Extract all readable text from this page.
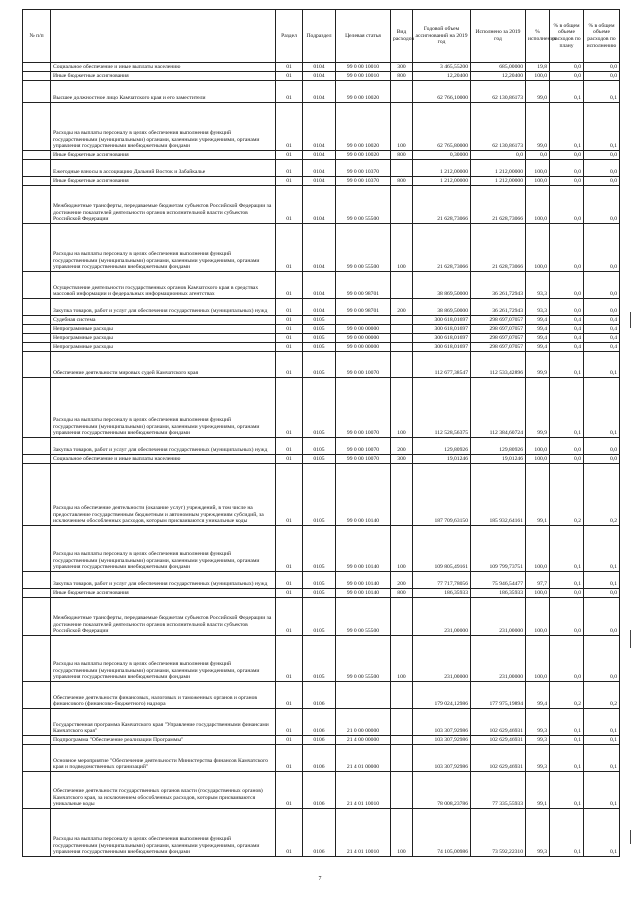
№ п/п		Раздел	Подраздел	Целевая статья	Вид расходов	Годовой объем ассигнований на 2019 год	Исполнено за 2019 год	% исполнения	% в общем объеме расходов по плану	% в общем объеме расходов по исполнению
	Социальное обеспечение и иные выплаты населению	01	0104	99 0 00 10010	300	3 465,55200	685,00000	19,8	0,0	0,0
	Иные бюджетные ассигнования	01	0104	99 0 00 10010	800	12,20400	12,20400	100,0	0,0	0,0
	Высшее должностное лицо Камчатского края и его заместители	01	0104	99 0 00 10020		62 766,10000	62 130,86173	99,0	0,1	0,1
	Расходы на выплаты персоналу в целях обеспечения выполнения функций государственными (муниципальными) органами, казенными учреждениями, органами управления государственными внебюджетными фондами	01	0104	99 0 00 10020	100	62 765,80000	62 130,86173	99,0	0,1	0,1
	Иные бюджетные ассигнования	01	0104	99 0 00 10020	800	0,30000	0,0	0,0	0,0	0,0
	Ежегодные взносы в ассоциацию Дальний Восток и Забайкалье	01	0104	99 0 00 10370		1 212,00000	1 212,00000	100,0	0,0	0,0
	Иные бюджетные ассигнования	01	0104	99 0 00 10370	800	1 212,00000	1 212,00000	100,0	0,0	0,0
	Межбюджетные трансферты, передаваемые бюджетам субъектов Российской Федерации за достижение показателей деятельности органов исполнительной власти субъектов Российской Федерации	01	0104	99 0 00 55500		21 628,73066	21 628,73066	100,0	0,0	0,0
	Расходы на выплаты персоналу в целях обеспечения выполнения функций государственными (муниципальными) органами, казенными учреждениями, органами управления государственными внебюджетными фондами	01	0104	99 0 00 55500	100	21 628,73066	21 628,73066	100,0	0,0	0,0
	Осуществление деятельности государственных органов Камчатского края в средствах массовой информации и федеральных информационных агентствах	01	0104	99 0 00 98701		38 869,50000	36 261,72943	93,3	0,0	0,0
	Закупка товаров, работ и услуг для обеспечения государственных (муниципальных) нужд	01	0104	99 0 00 98701	200	38 869,50000	36 261,72943	93,3	0,0	0,0
	Судебная система	01	0105			300 618,01697	298 697,07057	99,4	0,4	0,4
	Непрограммные расходы	01	0105	99 0 00 00000		300 618,01697	298 697,07057	99,4	0,4	0,4
	Непрограммные расходы	01	0105	99 0 00 00000		300 618,01697	298 697,07057	99,4	0,4	0,4
	Непрограммные расходы	01	0105	99 0 00 00000		300 618,01697	298 697,07057	99,4	0,4	0,4
	Обеспечение деятельности мировых судей Камчатского края	01	0105	99 0 00 10070		112 677,38547	112 533,42896	99,9	0,1	0,1
	Расходы на выплаты персоналу в целях обеспечения выполнения функций государственными (муниципальными) органами, казенными учреждениями, органами управления государственными внебюджетными фондами	01	0105	99 0 00 10070	100	112 528,56375	112 384,60724	99,9	0,1	0,1
	Закупка товаров, работ и услуг для обеспечения государственных (муниципальных) нужд	01	0105	99 0 00 10070	200	129,80926	129,80926	100,0	0,0	0,0
	Социальное обеспечение и иные выплаты населению	01	0105	99 0 00 10070	300	19,01246	19,01246	100,0	0,0	0,0
	Расходы на обеспечение деятельности (оказание услуг) учреждений, в том числе на предоставление государственным бюджетным и автономным учреждениям субсидий, за исключением обособленных расходов, которым присваиваются уникальные коды	01	0105	99 0 00 10140		187 709,63150	185 932,64161	99,1	0,2	0,2
	Расходы на выплаты персоналу в целях обеспечения выполнения функций государственными (муниципальными) органами, казенными учреждениями, органами управления государственными внебюджетными фондами	01	0105	99 0 00 10140	100	109 805,49161	109 799,73751	100,0	0,1	0,1
	Закупка товаров, работ и услуг для обеспечения государственных (муниципальных) нужд	01	0105	99 0 00 10140	200	77 717,78056	75 946,54477	97,7	0,1	0,1
	Иные бюджетные ассигнования	01	0105	99 0 00 10140	800	186,35933	186,35933	100,0	0,0	0,0
	Межбюджетные трансферты, передаваемые бюджетам субъектов Российской Федерации за достижение показателей деятельности органов исполнительной власти субъектов Российской Федерации	01	0105	99 0 00 55500		231,00000	231,00000	100,0	0,0	0,0
	Расходы на выплаты персоналу в целях обеспечения выполнения функций государственными (муниципальными) органами, казенными учреждениями, органами управления государственными внебюджетными фондами	01	0105	99 0 00 55500	100	231,00000	231,00000	100,0	0,0	0,0
	Обеспечение деятельности финансовых, налоговых и таможенных органов и органов финансового (финансово-бюджетного) надзора	01	0106			179 024,12986	177 975,19894	99,4	0,2	0,2
	Государственная программа Камчатского края "Управление государственными финансами Камчатского края"	01	0106	21 0 00 00000		103 307,92986	102 629,46931	99,3	0,1	0,1
	Подпрограмма "Обеспечение реализации Программы"	01	0106	21 4 00 00000		103 307,92986	102 629,46931	99,3	0,1	0,1
	Основное мероприятие "Обеспечение деятельности Министерства финансов Камчатского края и подведомственных организаций"	01	0106	21 4 01 00000		103 307,92986	102 629,46931	99,3	0,1	0,1
	Обеспечение деятельности государственных органов власти (государственных органов) Камчатского края, за исключением обособленных расходов, которым присваиваются уникальные коды	01	0106	21 4 01 10010		78 008,23786	77 335,55933	99,1	0,1	0,1
	Расходы на выплаты персоналу в целях обеспечения выполнения функций государственными (муниципальными) органами, казенными учреждениями, органами управления государственными внебюджетными фондами	01	0106	21 4 01 10010	100	74 105,00986	73 592,22310	99,3	0,1	0,1
7
